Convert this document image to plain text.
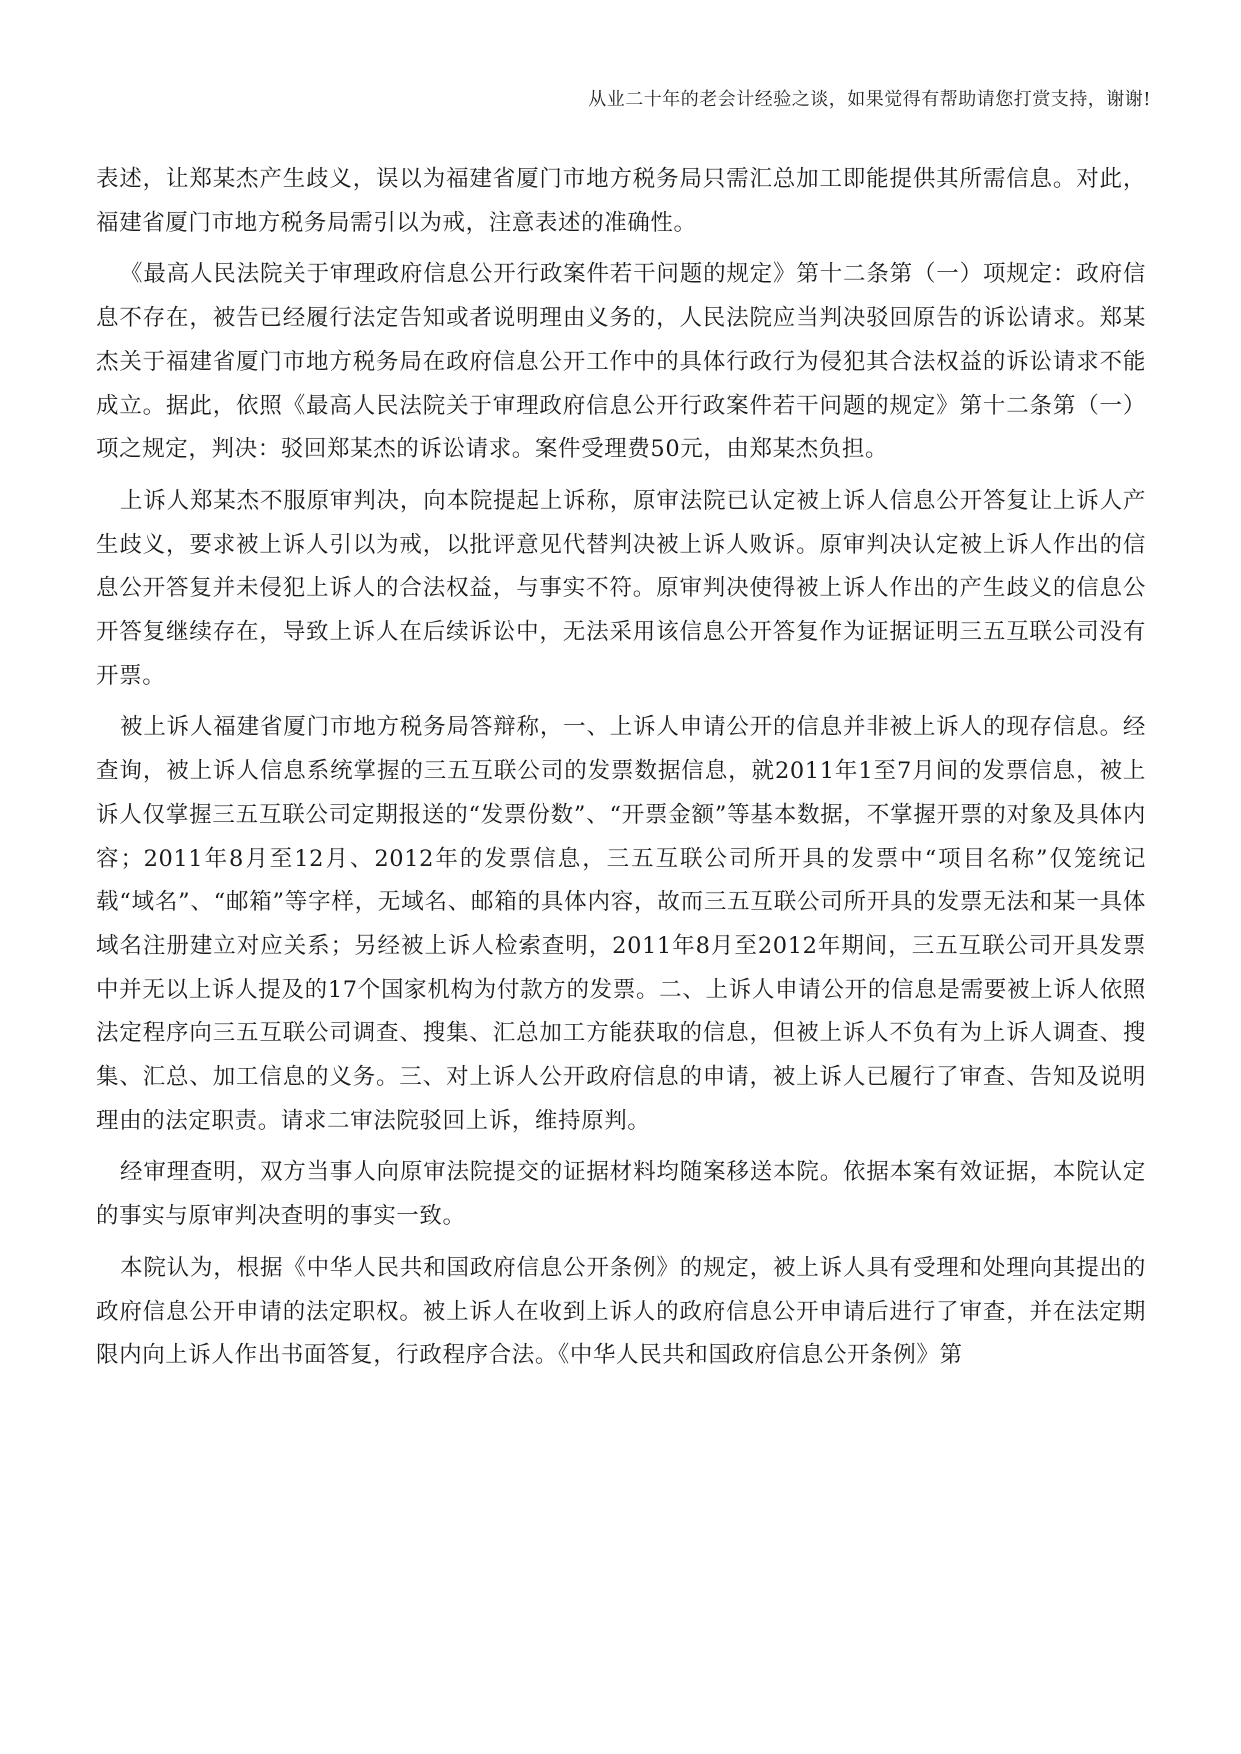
从业二十年的老会计经验之谈，如果觉得有帮助请您打赏支持，谢谢!

表述，让郑某杰产生歧义，误以为福建省厦门市地方税务局只需汇总加工即能提供其所需信息。对此，福建省厦门市地方税务局需引以为戒，注意表述的准确性。

《最高人民法院关于审理政府信息公开行政案件若干问题的规定》第十二条第（一）项规定：政府信息不存在，被告已经履行法定告知或者说明理由义务的，人民法院应当判决驳回原告的诉讼请求。郑某杰关于福建省厦门市地方税务局在政府信息公开工作中的具体行政行为侵犯其合法权益的诉讼请求不能成立。据此，依照《最高人民法院关于审理政府信息公开行政案件若干问题的规定》第十二条第（一）项之规定，判决：驳回郑某杰的诉讼请求。案件受理费50元，由郑某杰负担。

上诉人郑某杰不服原审判决，向本院提起上诉称，原审法院已认定被上诉人信息公开答复让上诉人产生歧义，要求被上诉人引以为戒，以批评意见代替判决被上诉人败诉。原审判决认定被上诉人作出的信息公开答复并未侵犯上诉人的合法权益，与事实不符。原审判决使得被上诉人作出的产生歧义的信息公开答复继续存在，导致上诉人在后续诉讼中，无法采用该信息公开答复作为证据证明三五互联公司没有开票。

被上诉人福建省厦门市地方税务局答辩称，一、上诉人申请公开的信息并非被上诉人的现存信息。经查询，被上诉人信息系统掌握的三五互联公司的发票数据信息，就2011年1至7月间的发票信息，被上诉人仅掌握三五互联公司定期报送的“发票份数”、“开票金额”等基本数据，不掌握开票的对象及具体内容；2011年8月至12月、2012年的发票信息，三五互联公司所开具的发票中“项目名称”仅笼统记载“域名”、“邮箱”等字样，无域名、邮箱的具体内容，故而三五互联公司所开具的发票无法和某一具体域名注册建立对应关系；另经被上诉人检索查明，2011年8月至2012年期间，三五互联公司开具发票中并无以上诉人提及的17个国家机构为付款方的发票。二、上诉人申请公开的信息是需要被上诉人依照法定程序向三五互联公司调查、搜集、汇总加工方能获取的信息，但被上诉人不负有为上诉人调查、搜集、汇总、加工信息的义务。三、对上诉人公开政府信息的申请，被上诉人已履行了审查、告知及说明理由的法定职责。请求二审法院驳回上诉，维持原判。

经审理查明，双方当事人向原审法院提交的证据材料均随案移送本院。依据本案有效证据，本院认定的事实与原审判决查明的事实一致。

本院认为，根据《中华人民共和国政府信息公开条例》的规定，被上诉人具有受理和处理向其提出的政府信息公开申请的法定职权。被上诉人在收到上诉人的政府信息公开申请后进行了审查，并在法定期限内向上诉人作出书面答复，行政程序合法。《中华人民共和国政府信息公开条例》第
